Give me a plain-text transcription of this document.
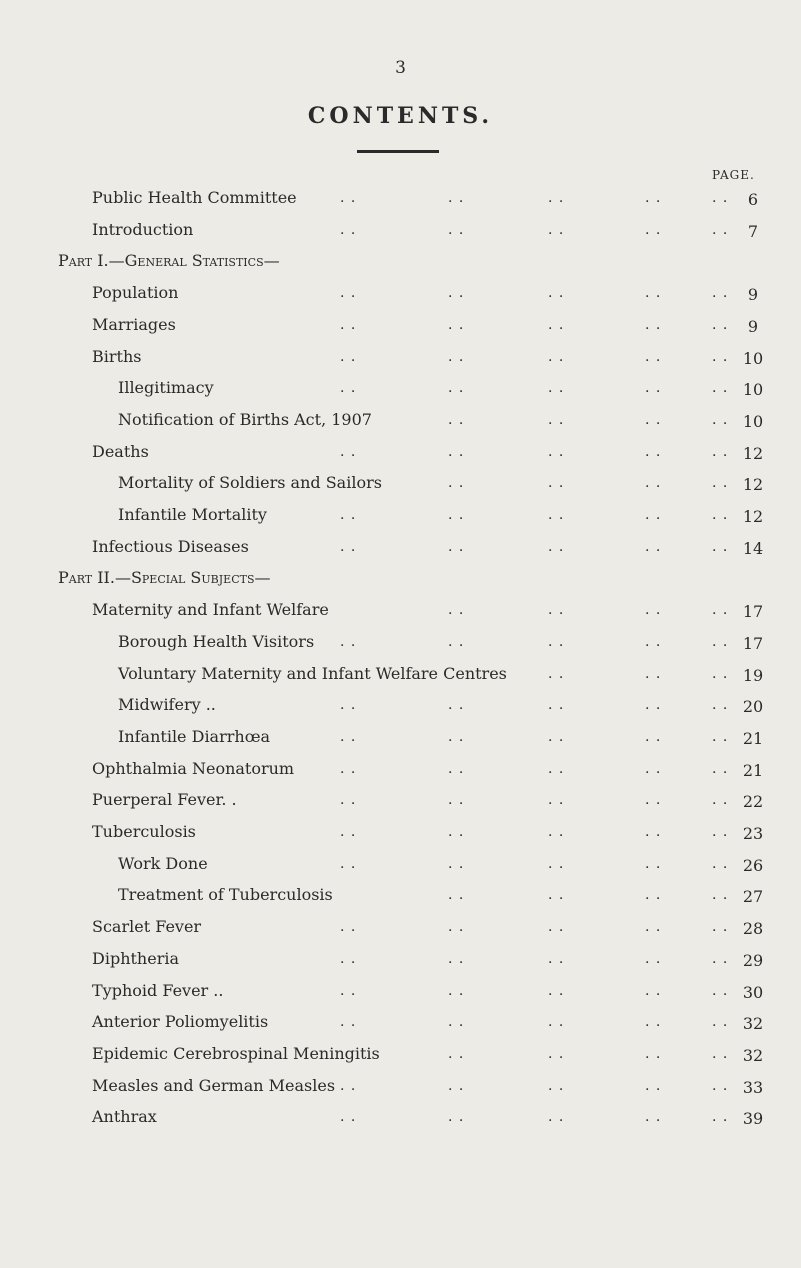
3
CONTENTS.
PAGE.
Public Health Committee	. .	. .	. .	. .	. .	6
Introduction	. .	. .	. .	. .	. .	7
Part I.—General Statistics—
Population	. .	. .	. .	. .	. .	9
Marriages	. .	. .	. .	. .	. .	9
Births	. .	. .	. .	. .	. . 10
Illegitimacy	. .	. .	. .	. .	. . 10
Notification of Births Act, 1907	. .	. .	. .	. . 10
Deaths	. .	. .	. .	. .	. . 12
Mortality of Soldiers and Sailors	. .	. .	. .	. . 12
Infantile Mortality	. .	. .	. .	. .	. . 12
Infectious Diseases	. .	. .	. .	. .	. . 14
Part II.—Special Subjects—
Maternity and Infant Welfare	. .	. .	. .	. . 17
Borough Health Visitors . .	. .	. .	. .	. . 17
Voluntary Maternity and Infant Welfare Centres	. .	. .	. . 19
Midwifery ..	. .	. .	. .	. .	. . 20
Infantile Diarrhœa	. .	. .	. .	. .	. . 21
Ophthalmia Neonatorum	. .	. .	. .	. .	. . 21
Puerperal Fever. .	. .	. .	. .	. .	. . 22
Tuberculosis	. .	. .	. .	. .	. . 23
Work Done	. .	. .	. .	. .	. . 26
Treatment of Tuberculosis	. .	. .	. .	. . 27
Scarlet Fever	. .	. .	. .	. .	. . 28
Diphtheria	. .	. .	. .	. .	. . 29
Typhoid Fever ..	. .	. .	. .	. .	. . 30
Anterior Poliomyelitis	. .	. .	. .	. .	. . 32
Epidemic Cerebrospinal Meningitis	. .	. .	. .	. . 32
Measles and German Measles . .	. .	. .	. .	. . 33
Anthrax	. .	. .	. .	. .	. . 39
